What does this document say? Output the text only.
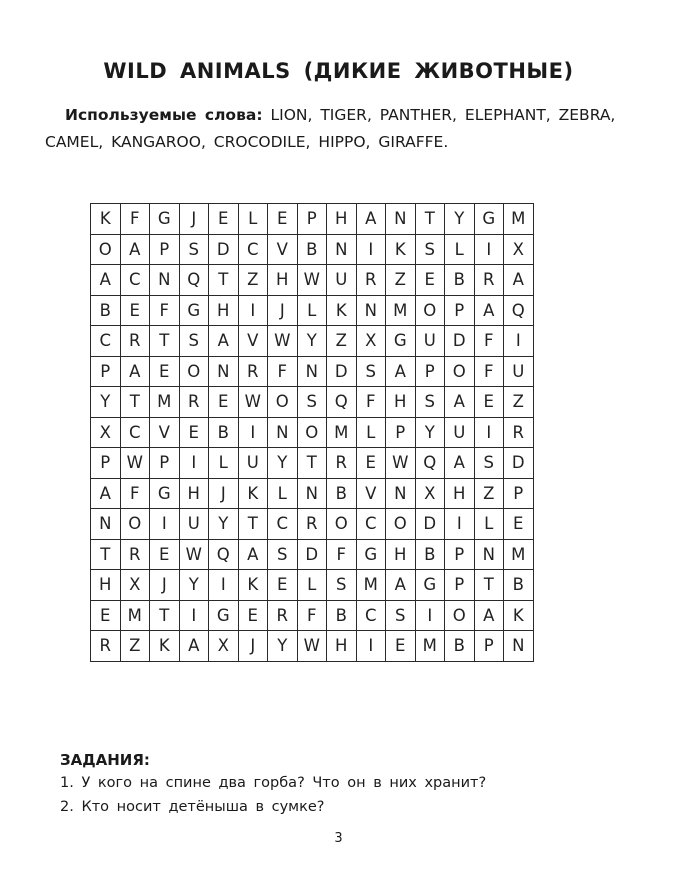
WILD ANIMALS (ДИКИЕ ЖИВОТНЫЕ)
Используемые слова: LION, TIGER, PANTHER, ELEPHANT, ZEBRA, CAMEL, KANGAROO, CROCODILE, HIPPO, GIRAFFE.
K	F	G	J	E	L	E	P	H	A	N	T	Y	G	M
O	A	P	S	D	C	V	B	N	I	K	S	L	I	X
A	C	N	Q	T	Z	H	W	U	R	Z	E	B	R	A
B	E	F	G	H	I	J	L	K	N	M	O	P	A	Q
C	R	T	S	A	V	W	Y	Z	X	G	U	D	F	I
P	A	E	O	N	R	F	N	D	S	A	P	O	F	U
Y	T	M	R	E	W	O	S	Q	F	H	S	A	E	Z
X	C	V	E	B	I	N	O	M	L	P	Y	U	I	R
P	W	P	I	L	U	Y	T	R	E	W	Q	A	S	D
A	F	G	H	J	K	L	N	B	V	N	X	H	Z	P
N	O	I	U	Y	T	C	R	O	C	O	D	I	L	E
T	R	E	W	Q	A	S	D	F	G	H	B	P	N	M
H	X	J	Y	I	K	E	L	S	M	A	G	P	T	B
E	M	T	I	G	E	R	F	B	C	S	I	O	A	K
R	Z	K	A	X	J	Y	W	H	I	E	M	B	P	N
ЗАДАНИЯ:
1. У кого на спине два горба? Что он в них хранит?
2. Кто носит детёныша в сумке?
3
